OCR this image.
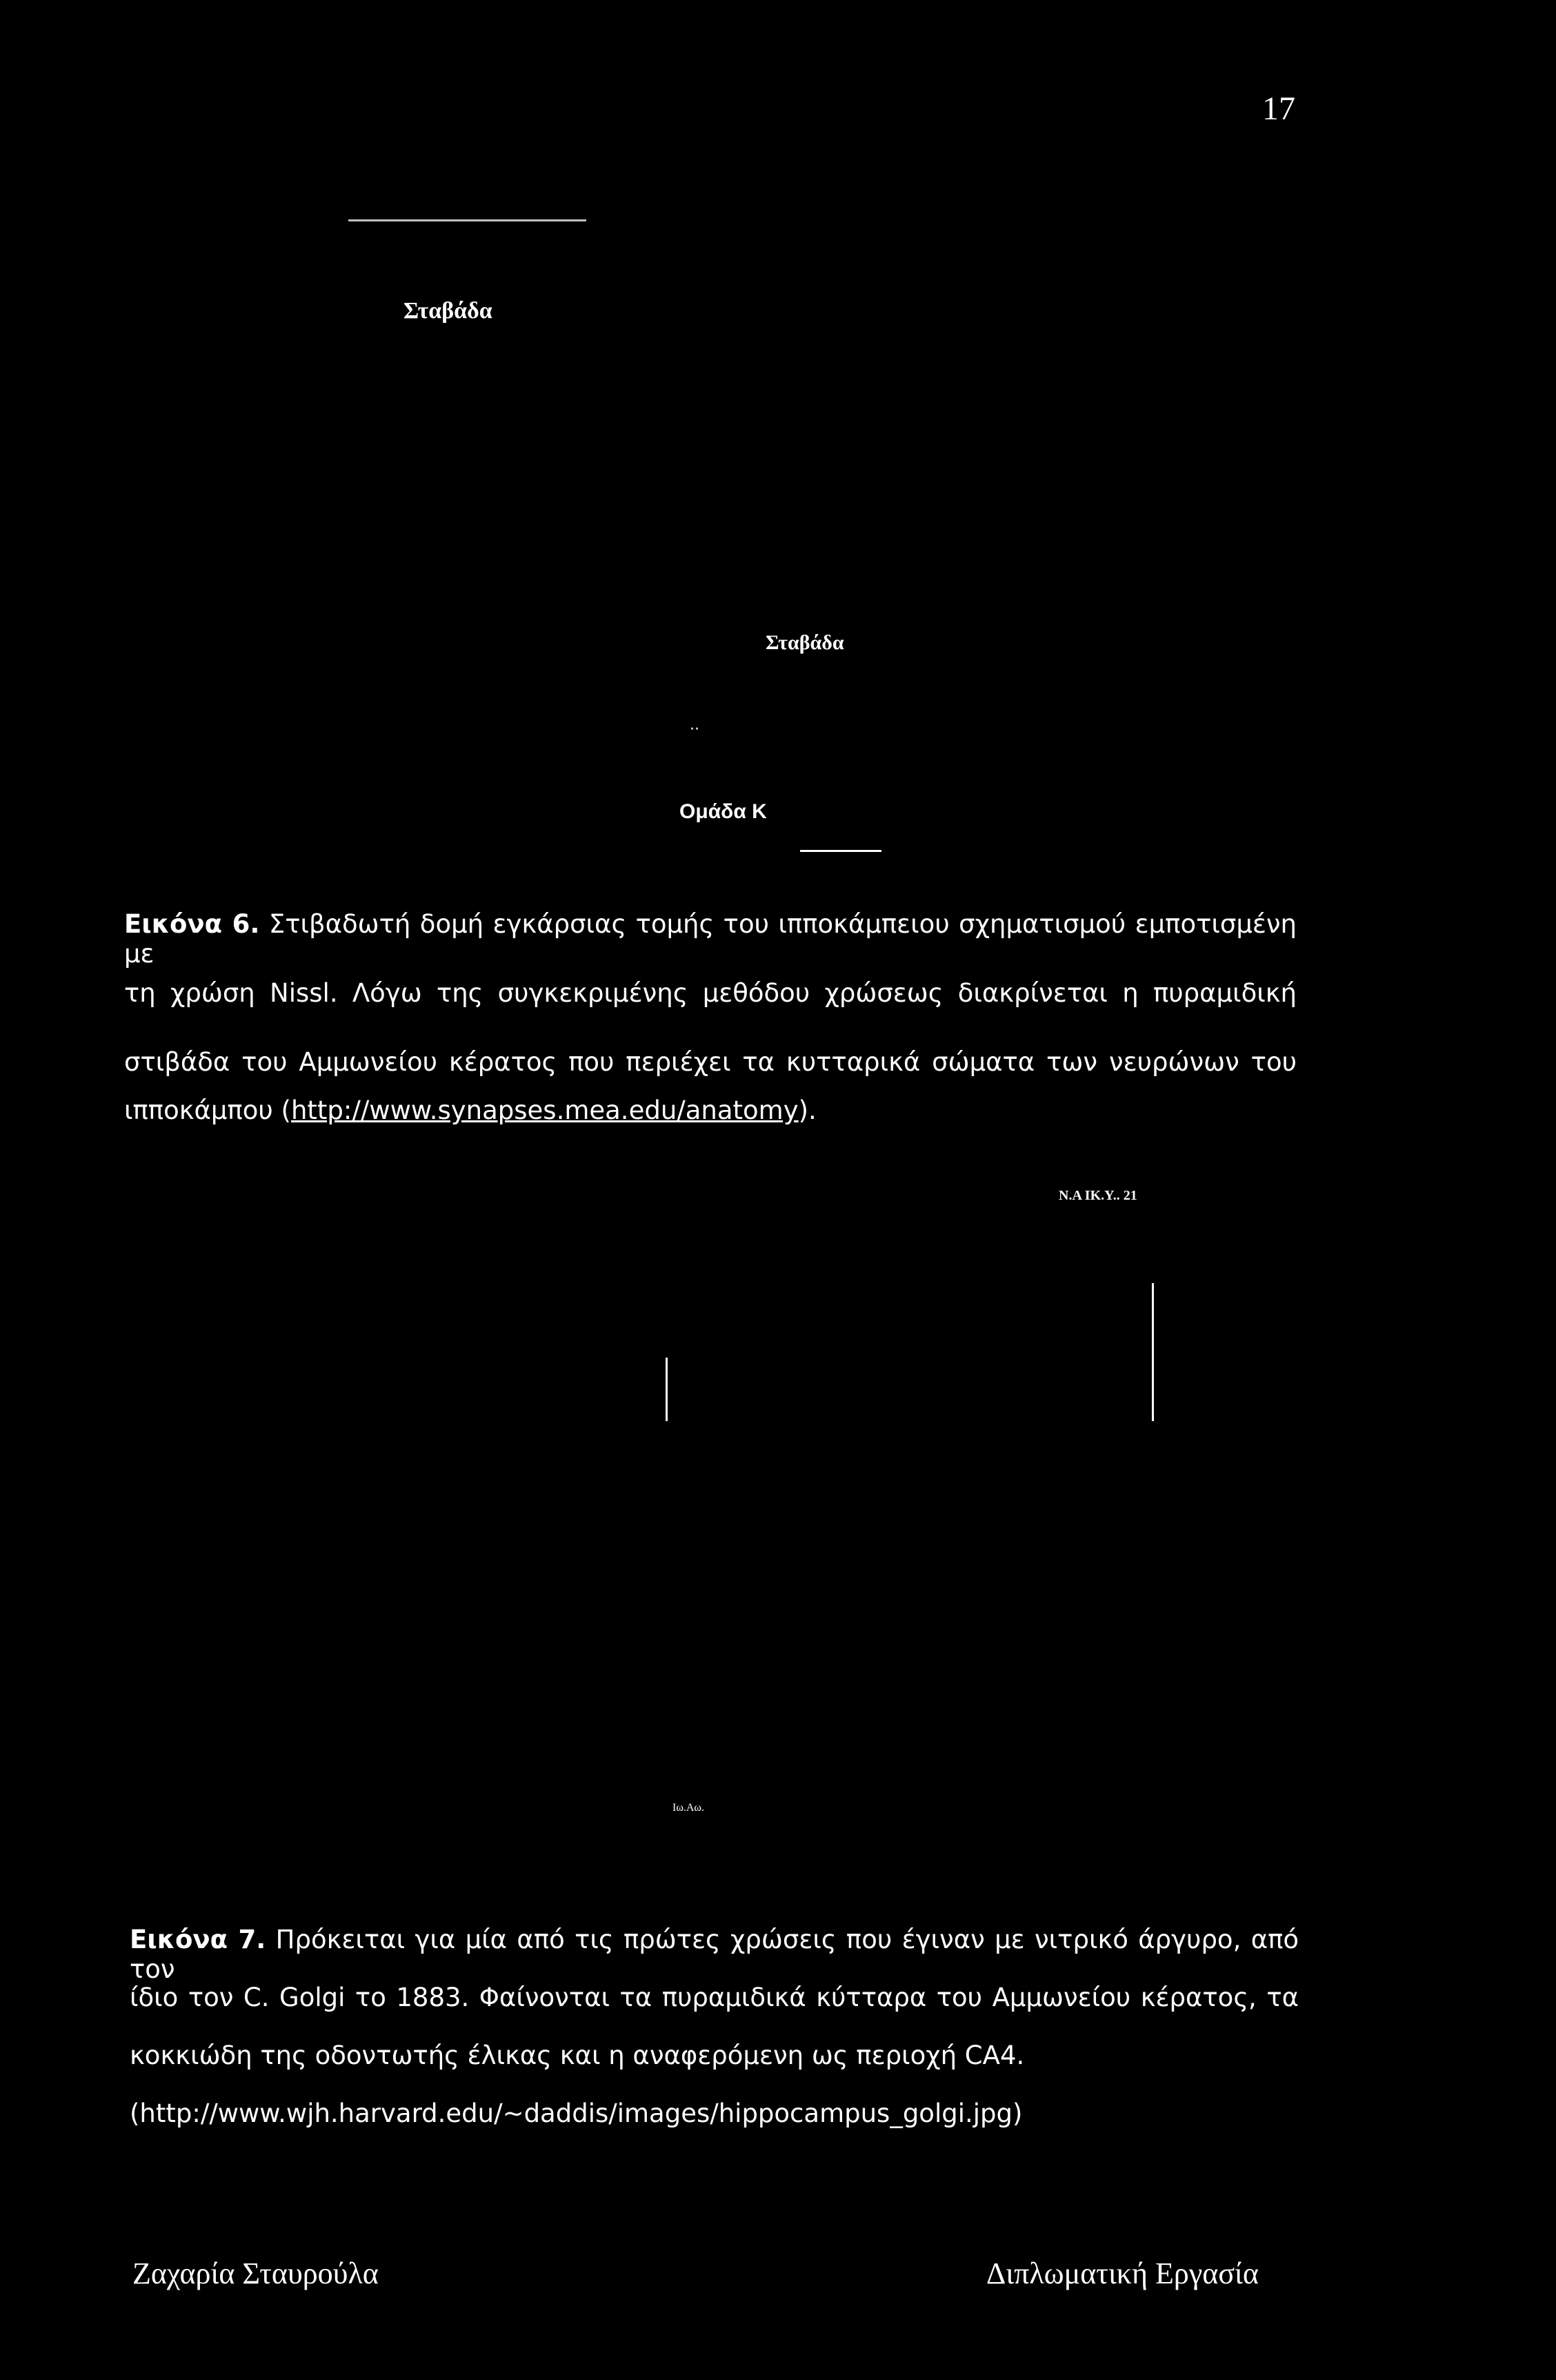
17
Σταβάδα
Σταβάδα
··
Ομάδα Κ
Εικόνα 6. Στιβαδωτή δομή εγκάρσιας τομής του ιπποκάμπειου σχηματισμού εμποτισμένη με
τη χρώση Nissl. Λόγω της συγκεκριμένης μεθόδου χρώσεως διακρίνεται η πυραμιδική
στιβάδα του Αμμωνείου κέρατος που περιέχει τα κυτταρικά σώματα των νευρώνων του
ιπποκάμπου (http://www.synapses.mea.edu/anatomy).
Ν.Α ΙΚ.Υ.. 21
Ιω.Αω.
Εικόνα 7. Πρόκειται για μία από τις πρώτες χρώσεις που έγιναν με νιτρικό άργυρο, από τον
ίδιο τον C. Golgi το 1883. Φαίνονται τα πυραμιδικά κύτταρα του Αμμωνείου κέρατος, τα
κοκκιώδη της οδοντωτής έλικας και η αναφερόμενη ως περιοχή CA4.
(http://www.wjh.harvard.edu/~daddis/images/hippocampus_golgi.jpg)
Ζαχαρία Σταυρούλα	Διπλωματική Εργασία
